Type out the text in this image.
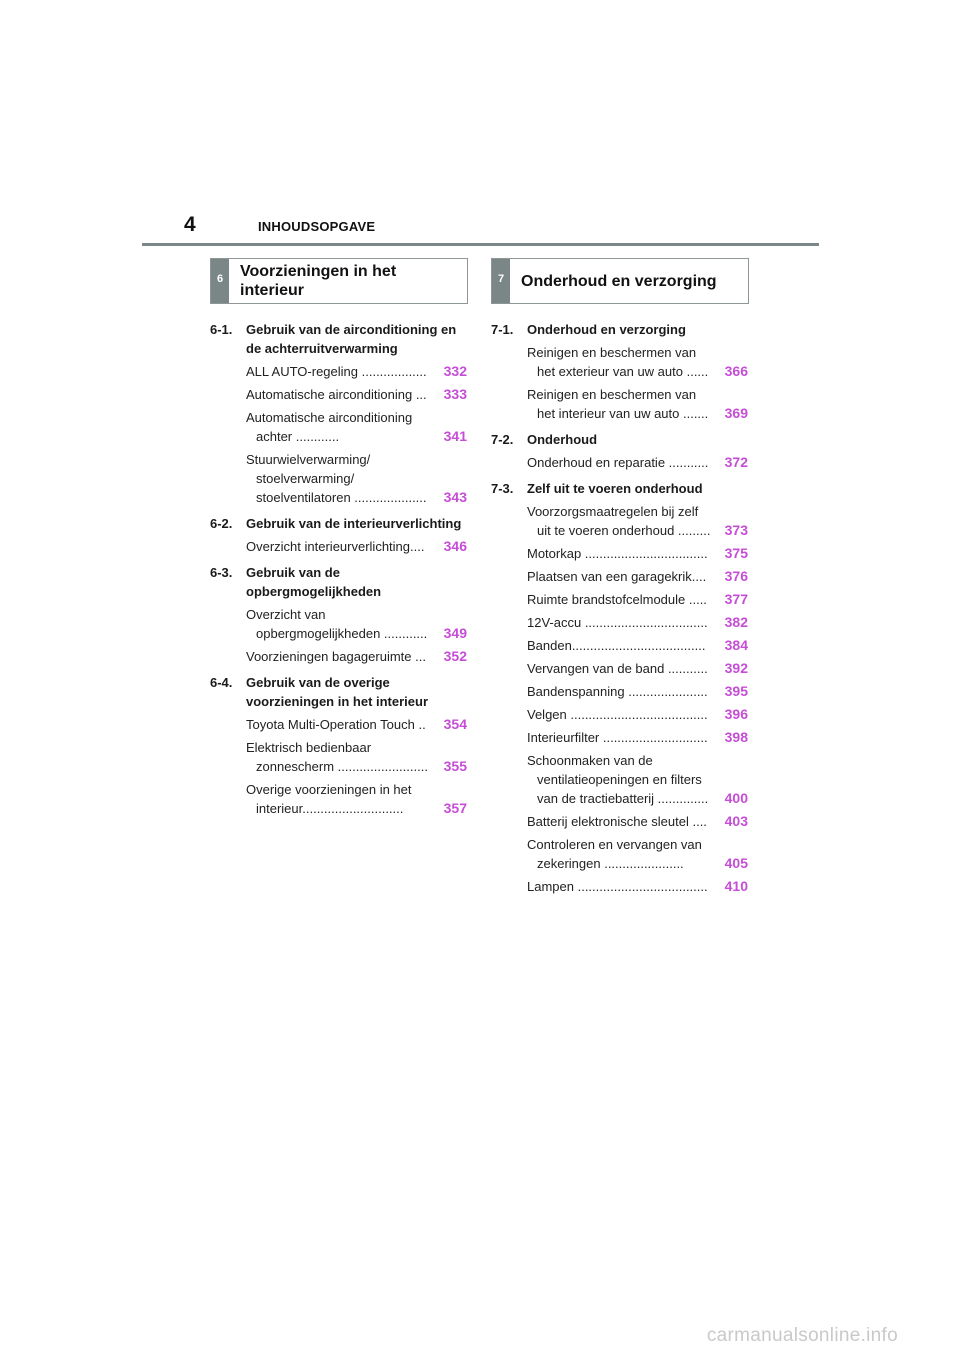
4	INHOUDSOPGAVE
6	Voorzieningen in het interieur
7	Onderhoud en verzorging
6-1. Gebruik van de airconditioning en de achterruitverwarming
ALL AUTO-regeling ..................	332
Automatische airconditioning ...	333
Automatische airconditioning achter ............	341
Stuurwielverwarming/ stoelverwarming/ stoelventilatoren ....................	343
6-2. Gebruik van de interieurverlichting
Overzicht interieurverlichting....	346
6-3. Gebruik van de opbergmogelijkheden
Overzicht van opbergmogelijkheden ............	349
Voorzieningen bagageruimte ...	352
6-4. Gebruik van de overige voorzieningen in het interieur
Toyota Multi-Operation Touch ..	354
Elektrisch bedienbaar zonnescherm .........................	355
Overige voorzieningen in het interieur............................	357
7-1. Onderhoud en verzorging
Reinigen en beschermen van het exterieur van uw auto ......	366
Reinigen en beschermen van het interieur van uw auto .......	369
7-2. Onderhoud
Onderhoud en reparatie ...........	372
7-3. Zelf uit te voeren onderhoud
Voorzorgsmaatregelen bij zelf uit te voeren onderhoud .........	373
Motorkap ..................................	375
Plaatsen van een garagekrik....	376
Ruimte brandstofcelmodule .....	377
12V-accu ..................................	382
Banden.....................................	384
Vervangen van de band ...........	392
Bandenspanning ......................	395
Velgen ......................................	396
Interieurfilter .............................	398
Schoonmaken van de ventilatieopeningen en filters van de tractiebatterij ..............	400
Batterij elektronische sleutel ....	403
Controleren en vervangen van zekeringen ......................	405
Lampen ....................................	410
carmanualsonline.info
